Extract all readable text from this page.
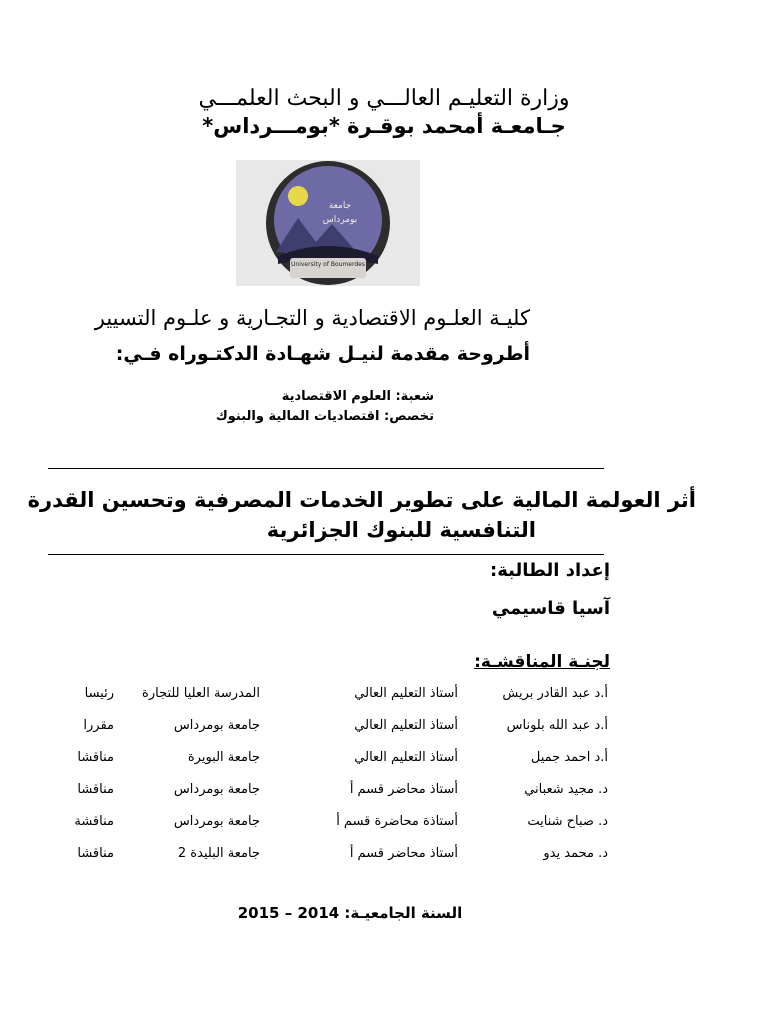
وزارة التعليـم العالـــي و البحث العلمـــي
جـامعـة أمحمد بوقـرة *بومـــرداس*
University of Boumerdes
جامعة
بومرداس
كليـة العلـوم الاقتصادية و التجـارية و علـوم التسيير
أطروحة مقدمة لنيـل شهـادة الدكتـوراه فـي:
شعبة: العلوم الاقتصادية
تخصص: اقتصاديات المالية والبنوك
أثر العولمة المالية على تطوير الخدمات المصرفية وتحسين القدرة
التنافسية للبنوك الجزائرية
إعداد الطالبة:
آسيا قاسيمي
لجنـة المناقشـة:
أ.د عبد القادر بريش
أستاذ التعليم العالي
المدرسة العليا للتجارة
رئيسا
أ.د عبد الله بلوناس
أستاذ التعليم العالي
جامعة بومرداس
مقررا
أ.د احمد جميل
أستاذ التعليم العالي
جامعة البويرة
مناقشا
د. مجيد شعباني
أستاذ محاضر قسم أ
جامعة بومرداس
مناقشا
د. صباح شنايت
أستاذة محاضرة قسم أ
جامعة بومرداس
مناقشة
د. محمد يدو
أستاذ محاضر قسم أ
جامعة البليدة 2
مناقشا
السنة الجامعيـة: 2014 – 2015
